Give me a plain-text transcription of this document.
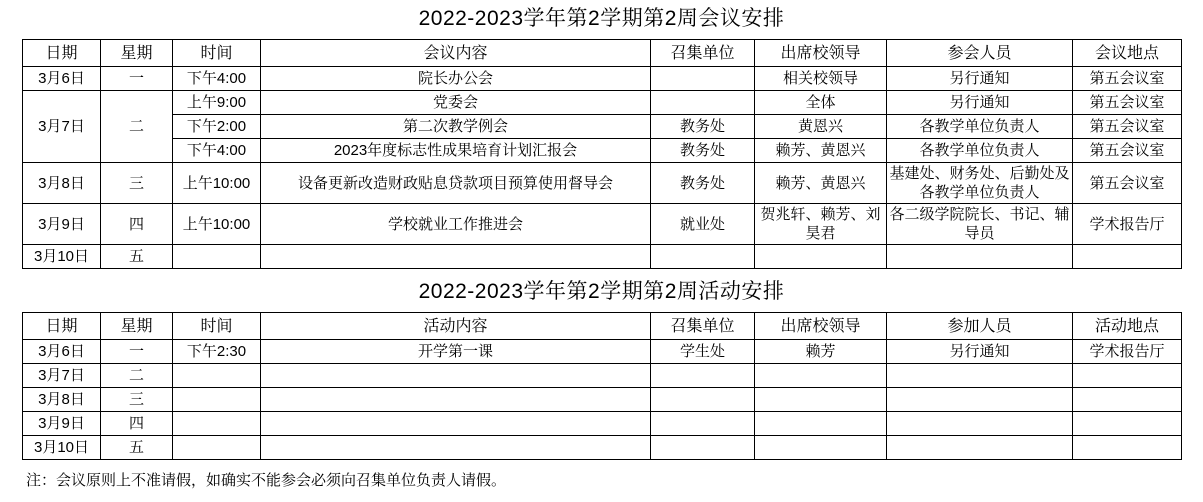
2022-2023学年第2学期第2周会议安排
日期	星期	时间	会议内容	召集单位	出席校领导	参会人员	会议地点
3月6日	一	下午4:00	院长办公会		相关校领导	另行通知	第五会议室
3月7日	二	上午9:00	党委会		全体	另行通知	第五会议室
		下午2:00	第二次教学例会	教务处	黄恩兴	各教学单位负责人	第五会议室
		下午4:00	2023年度标志性成果培育计划汇报会	教务处	赖芳、黄恩兴	各教学单位负责人	第五会议室
3月8日	三	上午10:00	设备更新改造财政贴息贷款项目预算使用督导会	教务处	赖芳、黄恩兴	基建处、财务处、后勤处及各教学单位负责人	第五会议室
3月9日	四	上午10:00	学校就业工作推进会	就业处	贺兆轩、赖芳、刘昊君	各二级学院院长、书记、辅导员	学术报告厅
3月10日	五						
2022-2023学年第2学期第2周活动安排
日期	星期	时间	活动内容	召集单位	出席校领导	参加人员	活动地点
3月6日	一	下午2:30	开学第一课	学生处	赖芳	另行通知	学术报告厅
3月7日	二						
3月8日	三						
3月9日	四						
3月10日	五						
注：会议原则上不准请假，如确实不能参会必须向召集单位负责人请假。
